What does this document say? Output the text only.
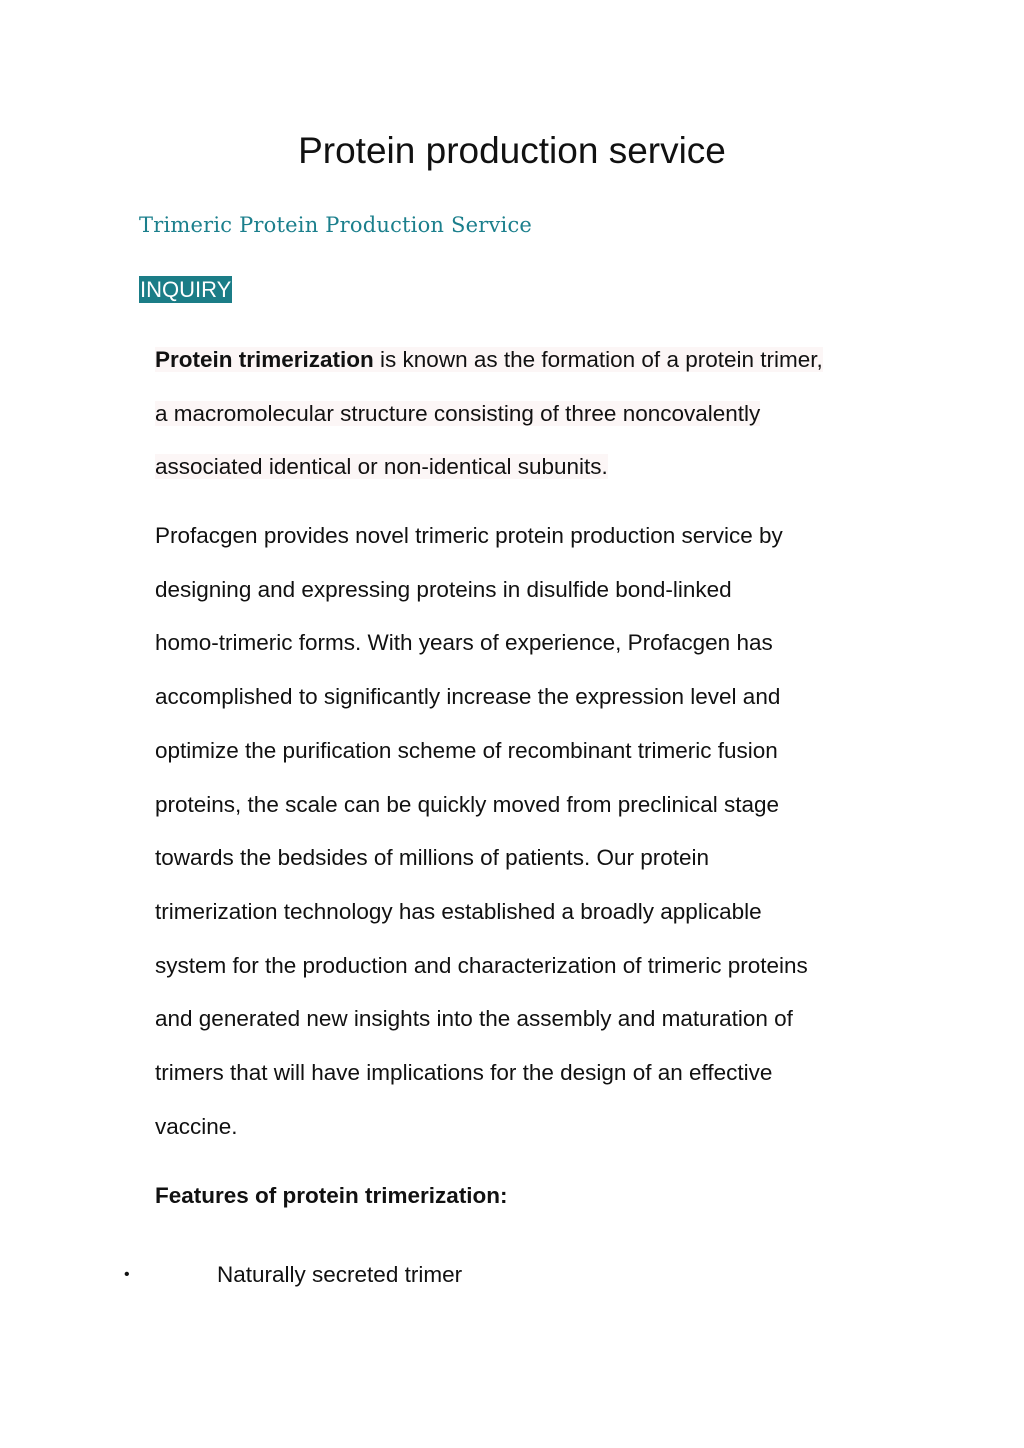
Protein production service
Trimeric Protein Production Service
INQUIRY

Protein trimerization is known as the formation of a protein trimer,
a macromolecular structure consisting of three noncovalently
associated identical or non-identical subunits.

Profacgen provides novel trimeric protein production service by
designing and expressing proteins in disulfide bond-linked
homo-trimeric forms. With years of experience, Profacgen has
accomplished to significantly increase the expression level and
optimize the purification scheme of recombinant trimeric fusion
proteins, the scale can be quickly moved from preclinical stage
towards the bedsides of millions of patients. Our protein
trimerization technology has established a broadly applicable
system for the production and characterization of trimeric proteins
and generated new insights into the assembly and maturation of
trimers that will have implications for the design of an effective
vaccine.

Features of protein trimerization:
•	Naturally secreted trimer
